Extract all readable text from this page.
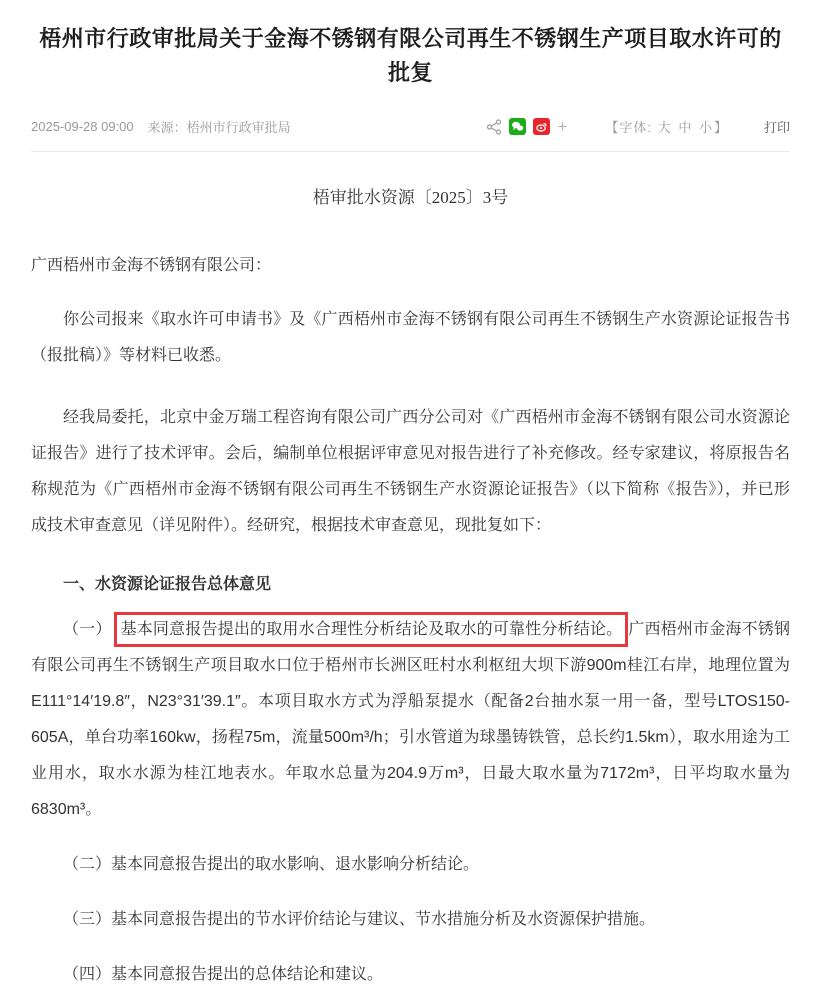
梧州市行政审批局关于金海不锈钢有限公司再生不锈钢生产项目取水许可的批复
2025-09-28 09:00 来源：梧州市行政审批局	+	【字体: 大 中 小】	打印
梧审批水资源〔2025〕3号
广西梧州市金海不锈钢有限公司：

你公司报来《取水许可申请书》及《广西梧州市金海不锈钢有限公司再生不锈钢生产水资源论证报告书（报批稿）》等材料已收悉。

经我局委托，北京中金万瑞工程咨询有限公司广西分公司对《广西梧州市金海不锈钢有限公司水资源论证报告》进行了技术评审。会后，编制单位根据评审意见对报告进行了补充修改。经专家建议，将原报告名称规范为《广西梧州市金海不锈钢有限公司再生不锈钢生产水资源论证报告》（以下简称《报告》），并已形成技术审查意见（详见附件）。经研究，根据技术审查意见，现批复如下：

一、水资源论证报告总体意见

（一） 基本同意报告提出的取用水合理性分析结论及取水的可靠性分析结论。 广西梧州市金海不锈钢有限公司再生不锈钢生产项目取水口位于梧州市长洲区旺村水利枢纽大坝下游900m桂江右岸，地理位置为E111°14′19.8″，N23°31′39.1″。本项目取水方式为浮船泵提水（配备2台抽水泵一用一备，型号LTOS150-605A，单台功率160kw，扬程75m，流量500m³/h；引水管道为球墨铸铁管，总长约1.5km），取水用途为工业用水，取水水源为桂江地表水。年取水总量为204.9万m³，日最大取水量为7172m³，日平均取水量为6830m³。

（二）基本同意报告提出的取水影响、退水影响分析结论。

（三）基本同意报告提出的节水评价结论与建议、节水措施分析及水资源保护措施。

（四）基本同意报告提出的总体结论和建议。
